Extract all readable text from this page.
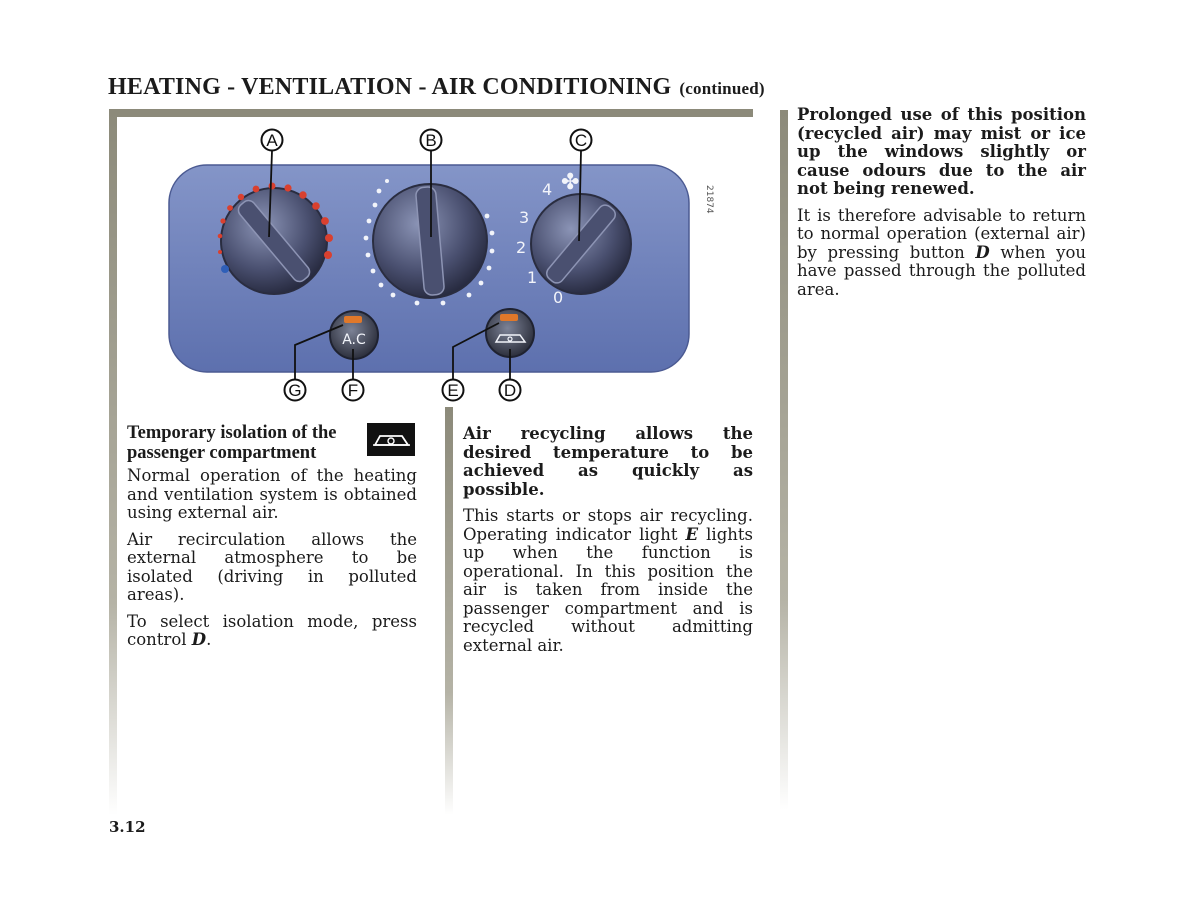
HEATING - VENTILATION - AIR CONDITIONING (continued)
21874
4
3
2
1
0
✤
A.C
A	B	C
G	F	E	D
Temporary isolation of the passenger compartment

Normal operation of the heating and ventilation system is obtained using external air.

Air recirculation allows the external atmosphere to be isolated (driving in polluted areas).

To select isolation mode, press control D.

Air recycling allows the desired temperature to be achieved as quickly as possible.

This starts or stops air recycling. Operating indicator light E lights up when the function is operational. In this position the air is taken from inside the passenger compartment and is recycled without admitting external air.

Prolonged use of this position (recycled air) may mist or ice up the windows slightly or cause odours due to the air not being renewed.

It is therefore advisable to return to normal operation (external air) by pressing button D when you have passed through the polluted area.

3.12
